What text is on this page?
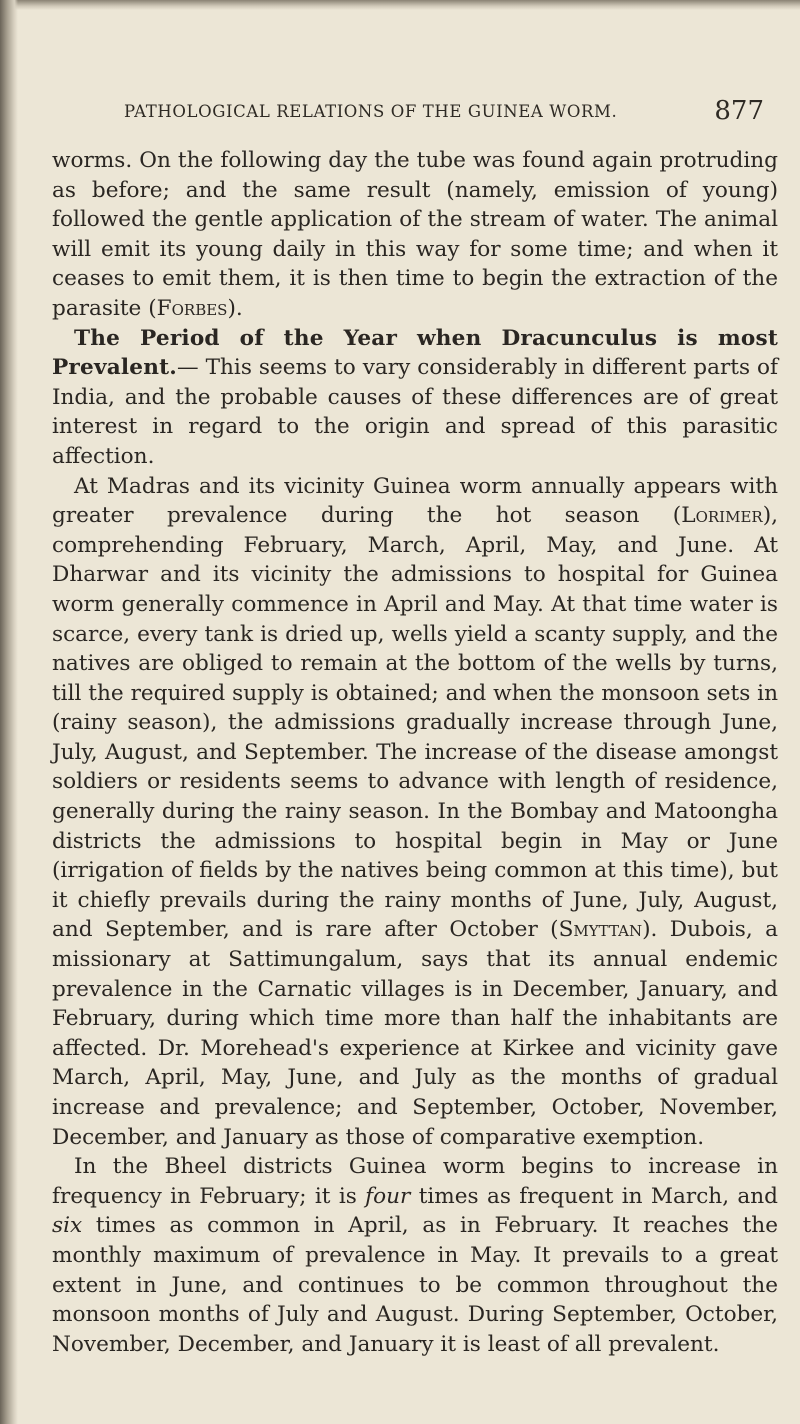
PATHOLOGICAL RELATIONS OF THE GUINEA WORM.	877

worms. On the following day the tube was found again protruding as before; and the same result (namely, emission of young) followed the gentle application of the stream of water. The animal will emit its young daily in this way for some time; and when it ceases to emit them, it is then time to begin the extraction of the parasite (Forbes).

The Period of the Year when Dracunculus is most Prevalent.— This seems to vary considerably in different parts of India, and the probable causes of these differences are of great interest in regard to the origin and spread of this parasitic affection.

At Madras and its vicinity Guinea worm annually appears with greater prevalence during the hot season (Lorimer), comprehending February, March, April, May, and June. At Dharwar and its vicinity the admissions to hospital for Guinea worm generally commence in April and May. At that time water is scarce, every tank is dried up, wells yield a scanty supply, and the natives are obliged to remain at the bottom of the wells by turns, till the required supply is obtained; and when the monsoon sets in (rainy season), the admissions gradually increase through June, July, August, and September. The increase of the disease amongst soldiers or residents seems to advance with length of residence, generally during the rainy season. In the Bombay and Matoongha districts the admissions to hospital begin in May or June (irrigation of fields by the natives being common at this time), but it chiefly prevails during the rainy months of June, July, August, and September, and is rare after October (Smyttan). Dubois, a missionary at Sattimungalum, says that its annual endemic prevalence in the Carnatic villages is in December, January, and February, during which time more than half the inhabitants are affected. Dr. Morehead's experience at Kirkee and vicinity gave March, April, May, June, and July as the months of gradual increase and prevalence; and September, October, November, December, and January as those of comparative exemption.

In the Bheel districts Guinea worm begins to increase in frequency in February; it is four times as frequent in March, and six times as common in April, as in February. It reaches the monthly maximum of prevalence in May. It prevails to a great extent in June, and continues to be common throughout the monsoon months of July and August. During September, October, November, December, and January it is least of all prevalent.
